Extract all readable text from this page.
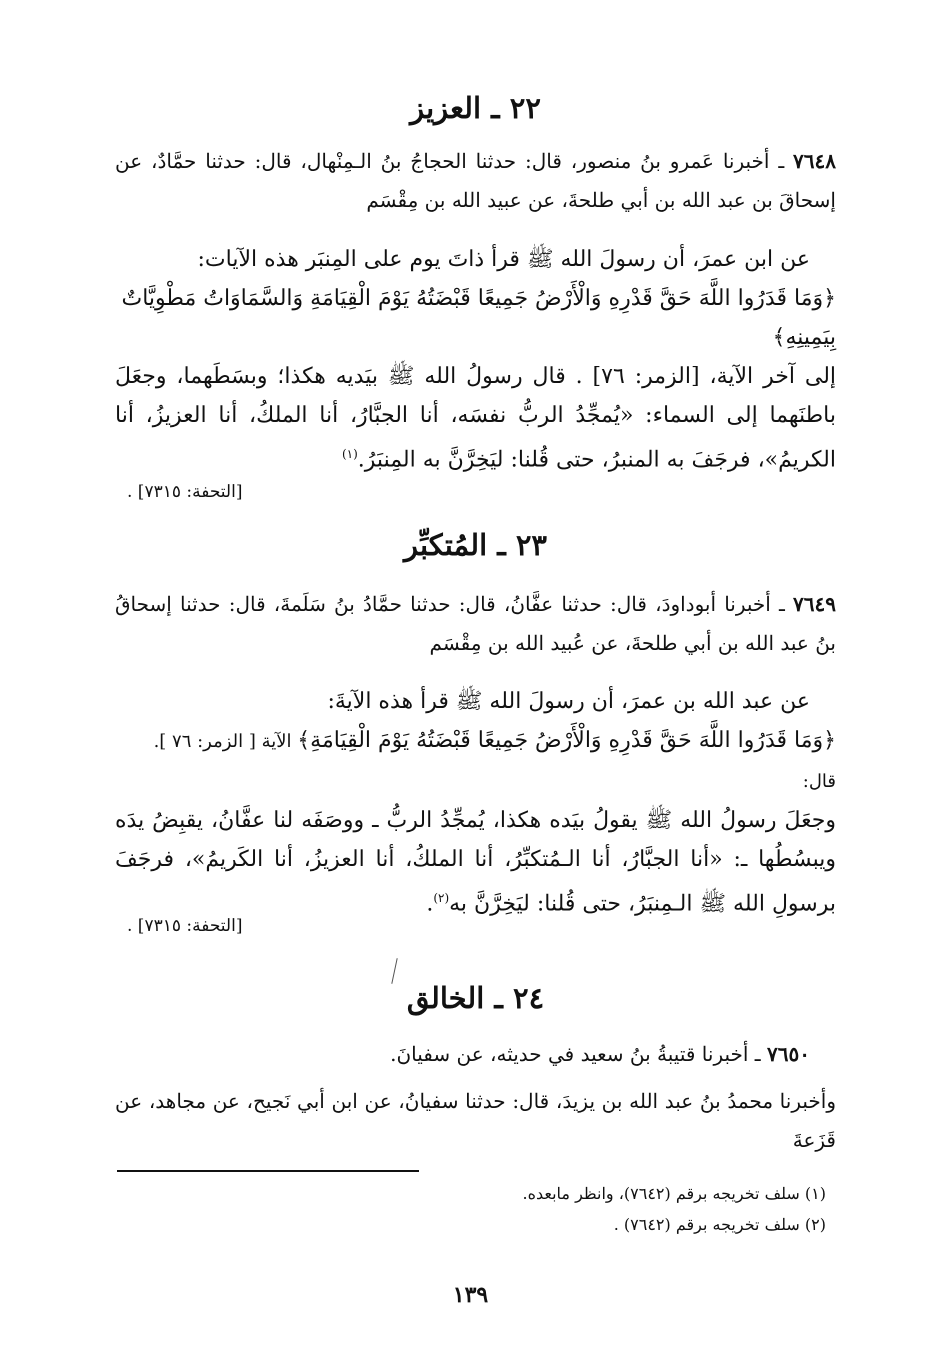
٢٢ ـ العزيز
٧٦٤٨ ـ أخبرنا عَمرو بنُ منصور، قال: حدثنا الحجاجُ بنُ الـمِنْهال، قال: حدثنا حمَّادٌ، عن إسحاقَ بن عبد الله بن أبي طلحةَ، عن عبيد الله بن مِقْسَم
عن ابن عمرَ، أن رسولَ الله ﷺ قرأ ذاتَ يوم على المِنبَر هذه الآيات:
﴿وَمَا قَدَرُوا اللَّهَ حَقَّ قَدْرِهِ وَالْأَرْضُ جَمِيعًا قَبْضَتُهُ يَوْمَ الْقِيَامَةِ وَالسَّمَاوَاتُ مَطْوِيَّاتٌ بِيَمِينِهِ﴾
إلى آخر الآية، [الزمر: ٧٦] . قال رسولُ الله ﷺ بيَديه هكذا؛ وبسَطَهما، وجعَلَ باطنَهما إلى السماء: «يُمجِّدُ الربُّ نفسَه، أنا الجبَّارُ، أنا الملكُ، أنا العزيزُ، أنا الكريمُ»، فرجَفَ به المنبرُ، حتى قُلنا: ليَخِرَّنَّ به المِنبَرُ.$^{(١)}$
[التحفة: ٧٣١٥] .
٢٣ ـ المُتكبِّر
٧٦٤٩ ـ أخبرنا أبوداودَ، قال: حدثنا عفَّانُ، قال: حدثنا حمَّادُ بنُ سَلَمةَ، قال: حدثنا إسحاقُ بنُ عبد الله بن أبي طلحةَ، عن عُبيد الله بن مِقْسَم
عن عبد الله بن عمرَ، أن رسولَ الله ﷺ قرأ هذه الآيةَ:
﴿وَمَا قَدَرُوا اللَّهَ حَقَّ قَدْرِهِ وَالْأَرْضُ جَمِيعًا قَبْضَتُهُ يَوْمَ الْقِيَامَةِ﴾ الآية [ الزمر: ٧٦ ]. قال:
وجعَلَ رسولُ الله ﷺ يقولُ بيَده هكذا، يُمجِّدُ الربُّ ـ ووصَفَه لنا عفَّانُ، يقبِضُ يدَه ويبسُطُها ـ: «أنا الجبَّارُ، أنا الـمُتكبِّرُ، أنا الملكُ، أنا العزيزُ، أنا الكَريمُ»، فرجَفَ برسولِ الله ﷺ الـمِنبَرُ، حتى قُلنا: ليَخِرَّنَّ به$^{(٢)}$.
[التحفة: ٧٣١٥] .
٢٤ ـ الخالق
٧٦٥٠ ـ أخبرنا قتيبةُ بنُ سعيد في حديثه، عن سفيانَ.
وأخبرنا محمدُ بنُ عبد الله بن يزيدَ، قال: حدثنا سفيانُ، عن ابن أبي نَجيح، عن مجاهد، عن قَزَعةَ
(١) سلف تخريجه برقم (٧٦٤٢)، وانظر مابعده.
(٢) سلف تخريجه برقم (٧٦٤٢) .
١٣٩
